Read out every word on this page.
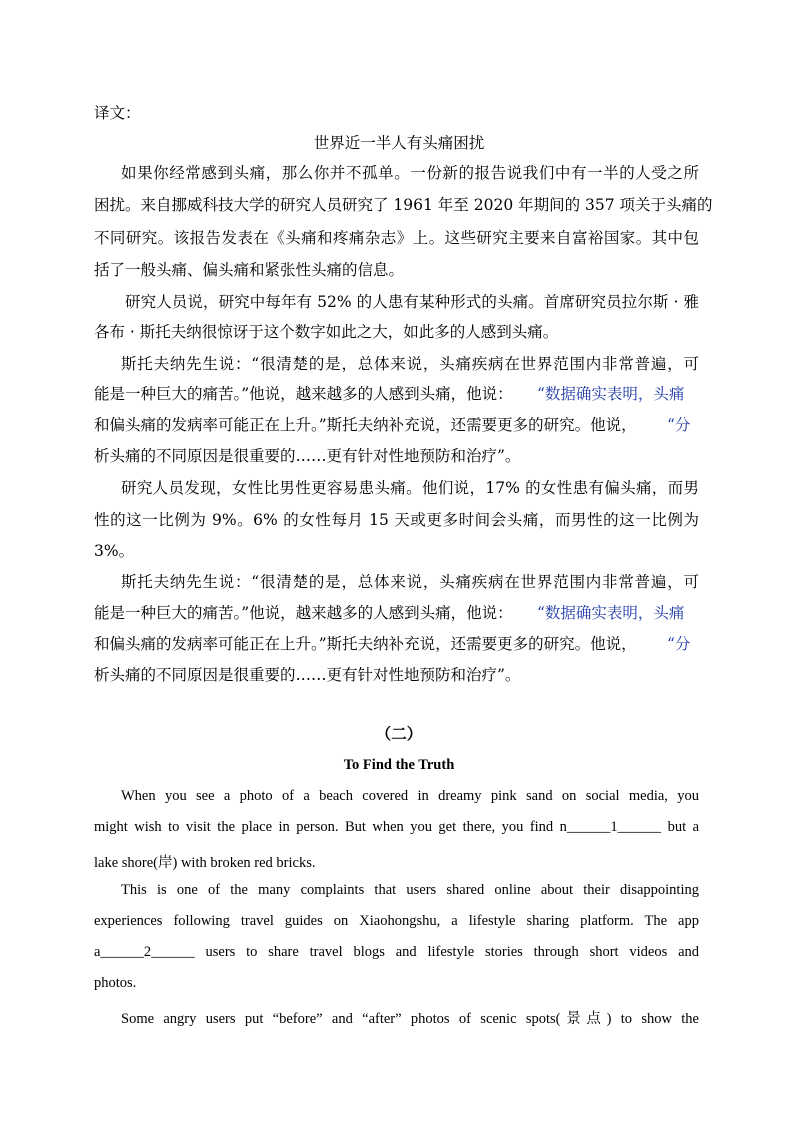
译文：
世界近一半人有头痛困扰
如果你经常感到头痛，那么你并不孤单。一份新的报告说我们中有一半的人受之所
困扰。来自挪威科技大学的研究人员研究了 1961 年至 2020 年期间的 357 项关于头痛的
不同研究。该报告发表在《头痛和疼痛杂志》上。这些研究主要来自富裕国家。其中包
括了一般头痛、偏头痛和紧张性头痛的信息。
研究人员说，研究中每年有 52% 的人患有某种形式的头痛。首席研究员拉尔斯 · 雅
各布 · 斯托夫纳很惊讶于这个数字如此之大，如此多的人感到头痛。
斯托夫纳先生说：“很清楚的是，总体来说，头痛疾病在世界范围内非常普遍，可
能是一种巨大的痛苦。”他说，越来越多的人感到头痛，他说： “数据确实表明，头痛
和偏头痛的发病率可能正在上升。”斯托夫纳补充说，还需要更多的研究。他说， “分
析头痛的不同原因是很重要的……更有针对性地预防和治疗”。
研究人员发现，女性比男性更容易患头痛。他们说，17% 的女性患有偏头痛，而男
性的这一比例为 9%。6% 的女性每月 15 天或更多时间会头痛，而男性的这一比例为
3%。
斯托夫纳先生说：“很清楚的是，总体来说，头痛疾病在世界范围内非常普遍，可
能是一种巨大的痛苦。”他说，越来越多的人感到头痛，他说： “数据确实表明，头痛
和偏头痛的发病率可能正在上升。”斯托夫纳补充说，还需要更多的研究。他说， “分
析头痛的不同原因是很重要的……更有针对性地预防和治疗”。
（二）
To Find the Truth
When you see a photo of a beach covered in dreamy pink sand on social media, you
might wish to visit the place in person. But when you get there, you find n______1______ but a
lake shore(岸) with broken red bricks.
This is one of the many complaints that users shared online about their disappointing
experiences following travel guides on Xiaohongshu, a lifestyle sharing platform. The app
a______2______ users to share travel blogs and lifestyle stories through short videos and
photos.
Some angry users put “before” and “after” photos of scenic spots(景点) to show the
